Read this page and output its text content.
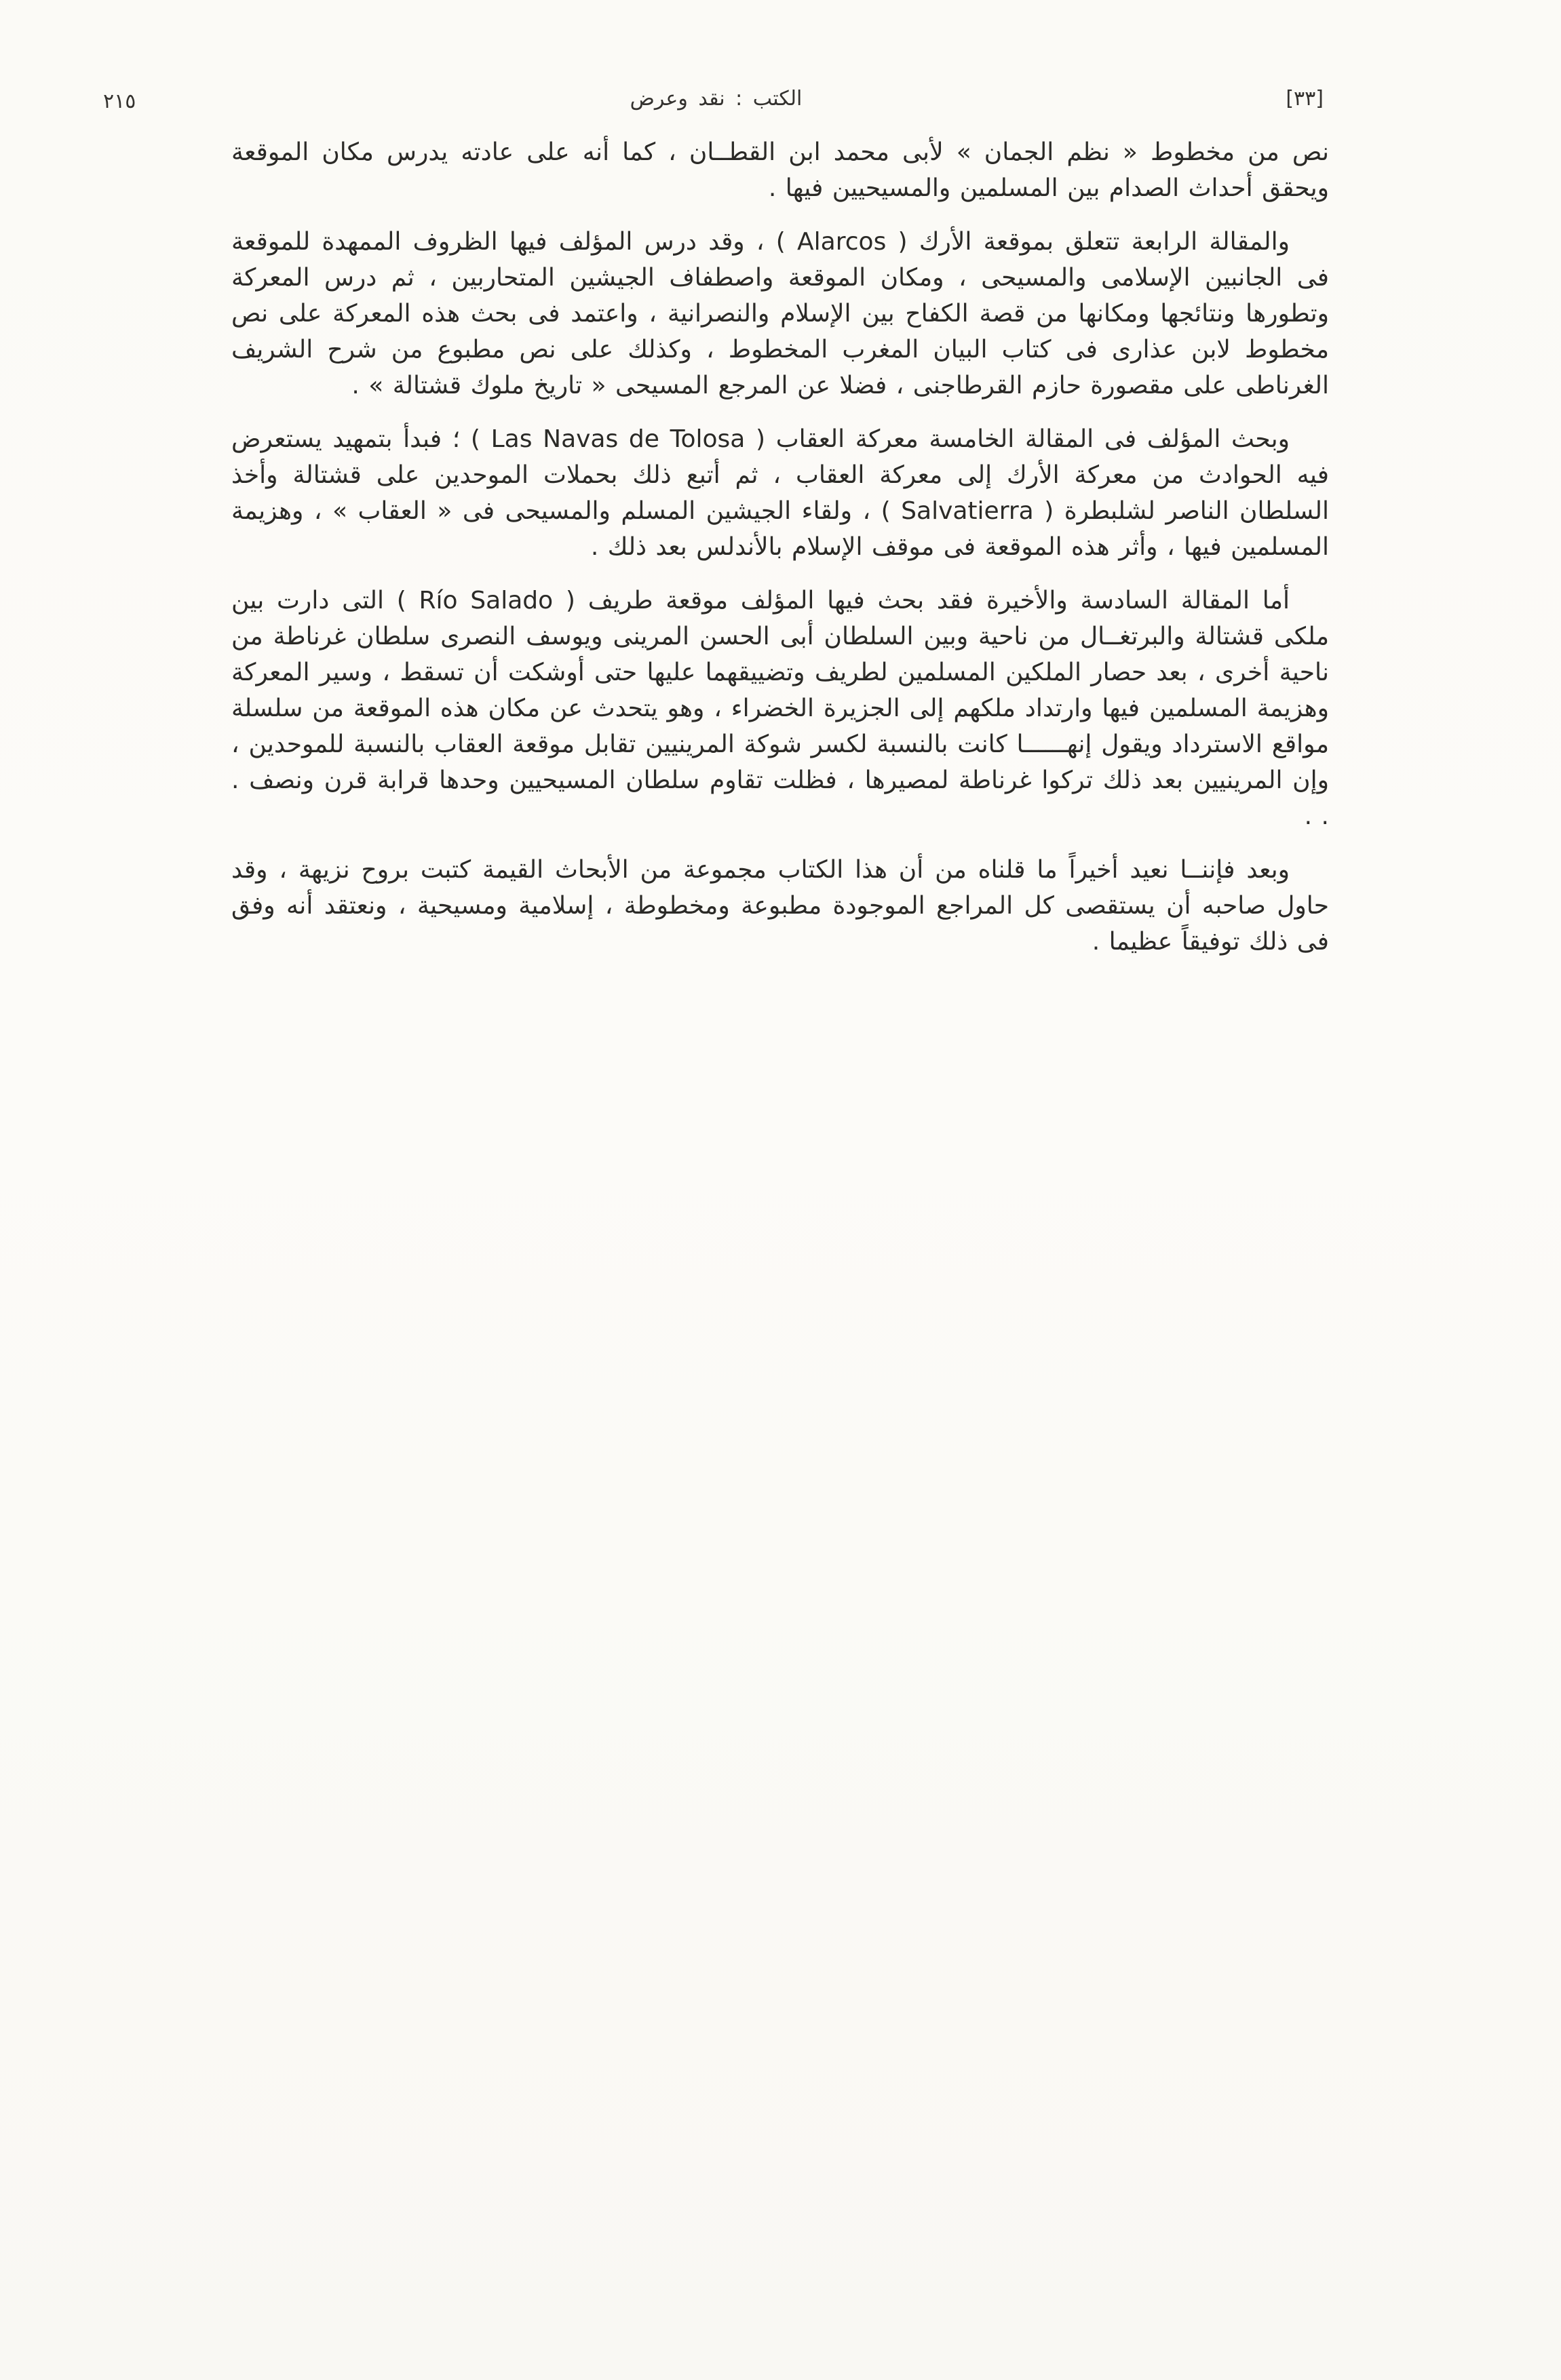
٢١٥	الكتب : نقد وعرض	[٣٣]

نص من مخطوط « نظم الجمان » لأبى محمد ابن القطــان ، كما أنه على عادته يدرس مكان الموقعة ويحقق أحداث الصدام بين المسلمين والمسيحيين فيها .

والمقالة الرابعة تتعلق بموقعة الأرك ( Alarcos ) ، وقد درس المؤلف فيها الظروف الممهدة للموقعة فى الجانبين الإسلامى والمسيحى ، ومكان الموقعة واصطفاف الجيشين المتحاربين ، ثم درس المعركة وتطورها ونتائجها ومكانها من قصة الكفاح بين الإسلام والنصرانية ، واعتمد فى بحث هذه المعركة على نص مخطوط لابن عذارى فى كتاب البيان المغرب المخطوط ، وكذلك على نص مطبوع من شرح الشريف الغرناطى على مقصورة حازم القرطاجنى ، فضلا عن المرجع المسيحى « تاريخ ملوك قشتالة » .

وبحث المؤلف فى المقالة الخامسة معركة العقاب ( Las Navas de Tolosa ) ؛ فبدأ بتمهيد يستعرض فيه الحوادث من معركة الأرك إلى معركة العقاب ، ثم أتبع ذلك بحملات الموحدين على قشتالة وأخذ السلطان الناصر لشلبطرة ( Salvatierra ) ، ولقاء الجيشين المسلم والمسيحى فى « العقاب » ، وهزيمة المسلمين فيها ، وأثر هذه الموقعة فى موقف الإسلام بالأندلس بعد ذلك .

أما المقالة السادسة والأخيرة فقد بحث فيها المؤلف موقعة طريف ( Río Salado ) التى دارت بين ملكى قشتالة والبرتغــال من ناحية وبين السلطان أبى الحسن المرينى ويوسف النصرى سلطان غرناطة من ناحية أخرى ، بعد حصار الملكين المسلمين لطريف وتضييقهما عليها حتى أوشكت أن تسقط ، وسير المعركة وهزيمة المسلمين فيها وارتداد ملكهم إلى الجزيرة الخضراء ، وهو يتحدث عن مكان هذه الموقعة من سلسلة مواقع الاسترداد ويقول إنهــــــا كانت بالنسبة لكسر شوكة المرينيين تقابل موقعة العقاب بالنسبة للموحدين ، وإن المرينيين بعد ذلك تركوا غرناطة لمصيرها ، فظلت تقاوم سلطان المسيحيين وحدها قرابة قرن ونصف . . .

وبعد فإننــا نعيد أخيراً ما قلناه من أن هذا الكتاب مجموعة من الأبحاث القيمة كتبت بروح نزيهة ، وقد حاول صاحبه أن يستقصى كل المراجع الموجودة مطبوعة ومخطوطة ، إسلامية ومسيحية ، ونعتقد أنه وفق فى ذلك توفيقاً عظيما .
